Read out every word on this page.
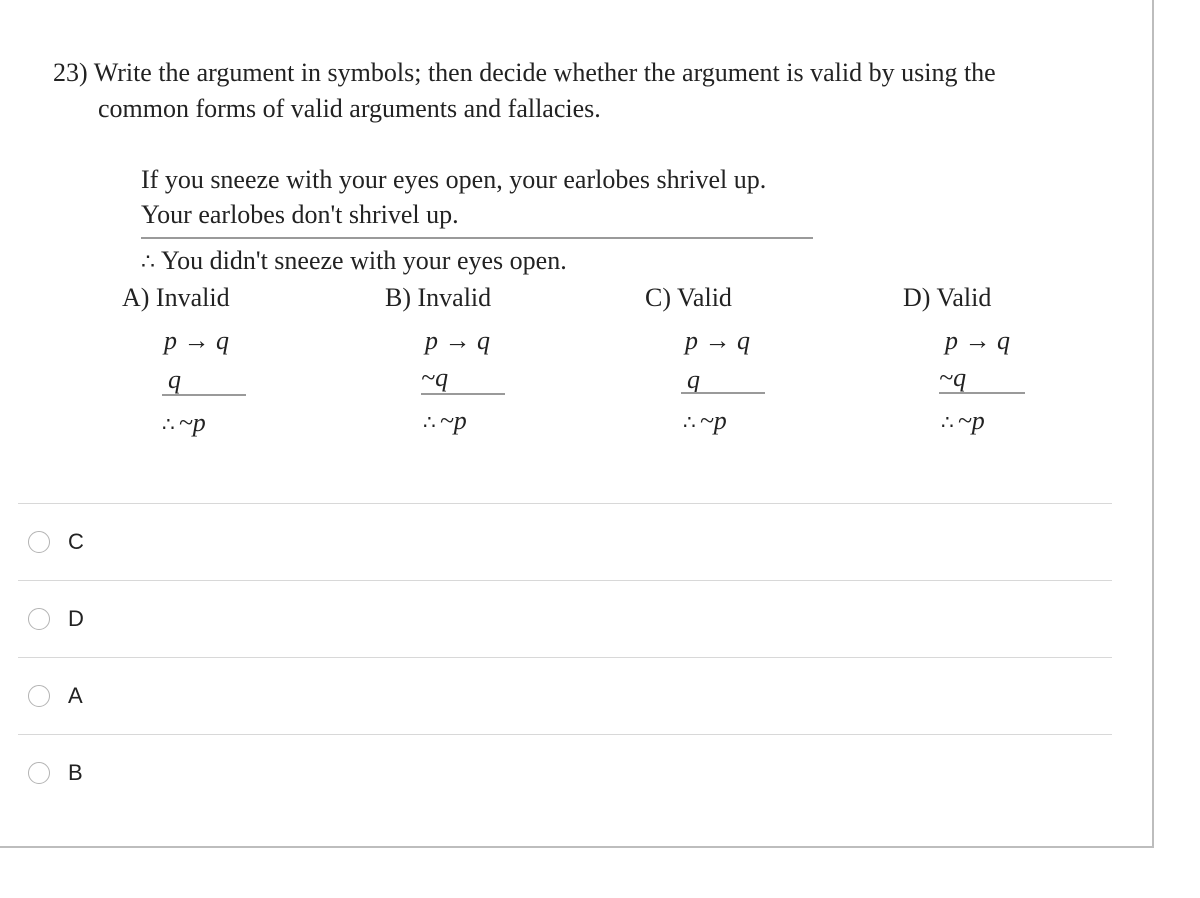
23) Write the argument in symbols; then decide whether the argument is valid by using the
common forms of valid arguments and fallacies.
If you sneeze with your eyes open, your earlobes shrivel up.
Your earlobes don't shrivel up.
∴ You didn't sneeze with your eyes open.
A) Invalid
p → q
q
∴ ~p
B) Invalid
p → q
~q
∴ ~p
C) Valid
p → q
q
∴ ~p
D) Valid
p → q
~q
∴ ~p
C
D
A
B
